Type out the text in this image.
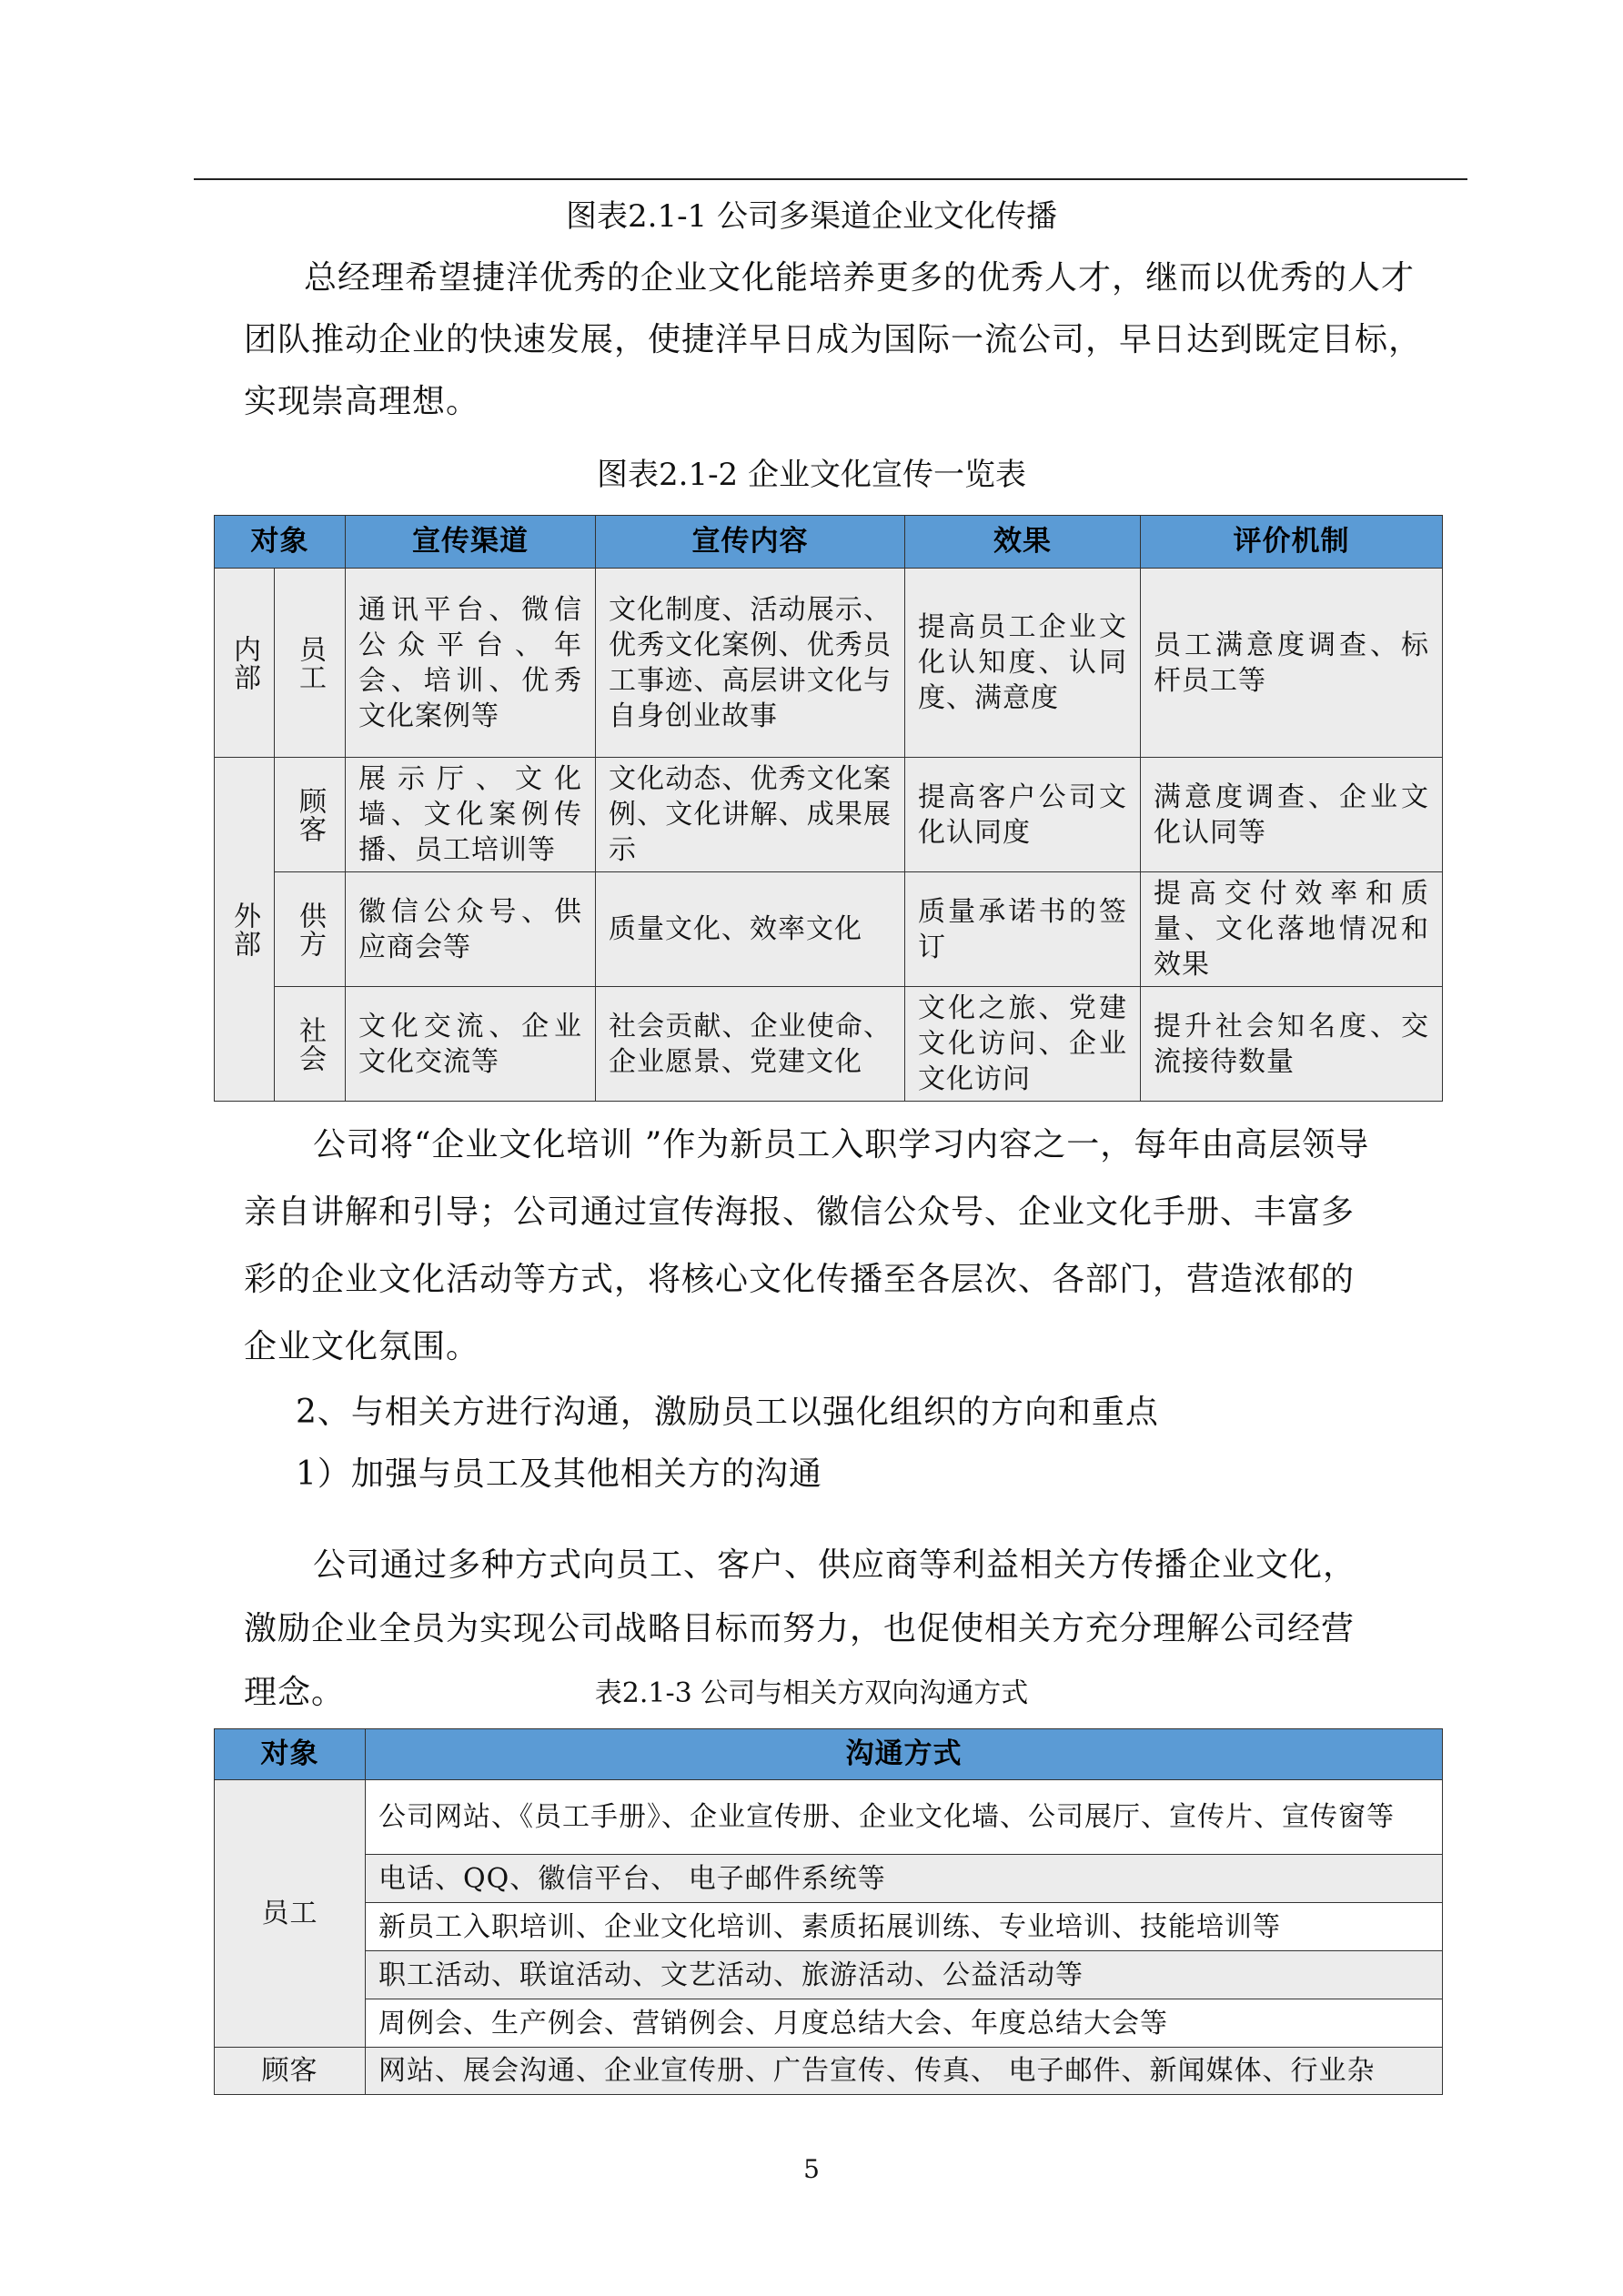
图表2.1-1 公司多渠道企业文化传播
总经理希望捷洋优秀的企业文化能培养更多的优秀人才，继而以优秀的人才团队推动企业的快速发展，使捷洋早日成为国际一流公司，早日达到既定目标，实现崇高理想。
图表2.1-2 企业文化宣传一览表
对象		宣传渠道	宣传内容	效果	评价机制
内部	员工	通讯平台、微信公众平台、年会、培训、优秀文化案例等	文化制度、活动展示、优秀文化案例、优秀员工事迹、高层讲文化与自身创业故事	提高员工企业文化认知度、认同度、满意度	员工满意度调查、标杆员工等
外部	顾客	展示厅、文化墙、文化案例传播、员工培训等	文化动态、优秀文化案例、文化讲解、成果展示	提高客户公司文化认同度	满意度调查、企业文化认同等
	供方	徽信公众号、供应商会等	质量文化、效率文化	质量承诺书的签订	提高交付效率和质量、文化落地情况和效果
	社会	文化交流、企业文化交流等	社会贡献、企业使命、企业愿景、党建文化	文化之旅、党建文化访问、企业文化访问	提升社会知名度、交流接待数量
公司将“企业文化培训 ”作为新员工入职学习内容之一，每年由高层领导亲自讲解和引导；公司通过宣传海报、徽信公众号、企业文化手册、丰富多彩的企业文化活动等方式，将核心文化传播至各层次、各部门，营造浓郁的企业文化氛围。
2、与相关方进行沟通，激励员工以强化组织的方向和重点
1）加强与员工及其他相关方的沟通
公司通过多种方式向员工、客户、供应商等利益相关方传播企业文化，激励企业全员为实现公司战略目标而努力，也促使相关方充分理解公司经营理念。	表2.1-3 公司与相关方双向沟通方式
对象	沟通方式
员工	公司网站、《员工手册》、企业宣传册、企业文化墙、公司展厅、宣传片、宣传窗等
	电话、QQ、徽信平台、 电子邮件系统等
	新员工入职培训、企业文化培训、素质拓展训练、专业培训、技能培训等
	职工活动、联谊活动、文艺活动、旅游活动、公益活动等
	周例会、生产例会、营销例会、月度总结大会、年度总结大会等
顾客	网站、展会沟通、企业宣传册、广告宣传、传真、 电子邮件、新闻媒体、行业杂
5
